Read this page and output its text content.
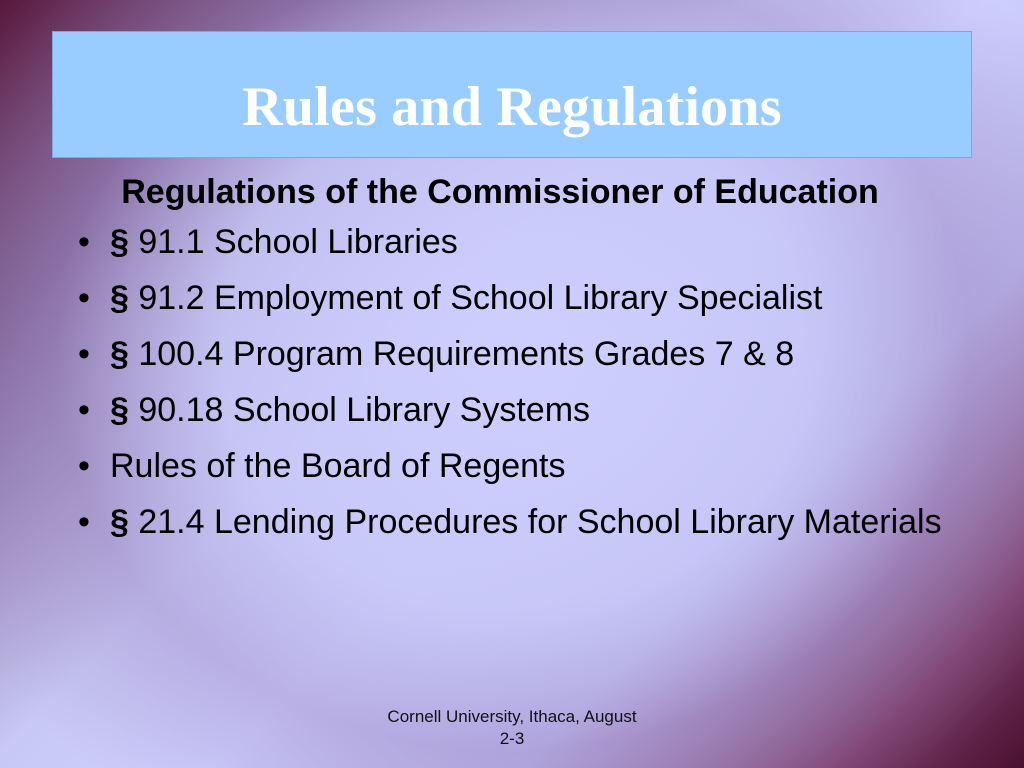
Rules and Regulations
Regulations of the Commissioner of Education
• § 91.1 School Libraries
• § 91.2 Employment of School Library Specialist
• § 100.4 Program Requirements Grades 7 & 8
• § 90.18 School Library Systems
• Rules of the Board of Regents
• § 21.4 Lending Procedures for School Library Materials
Cornell University, Ithaca, August
2-3
